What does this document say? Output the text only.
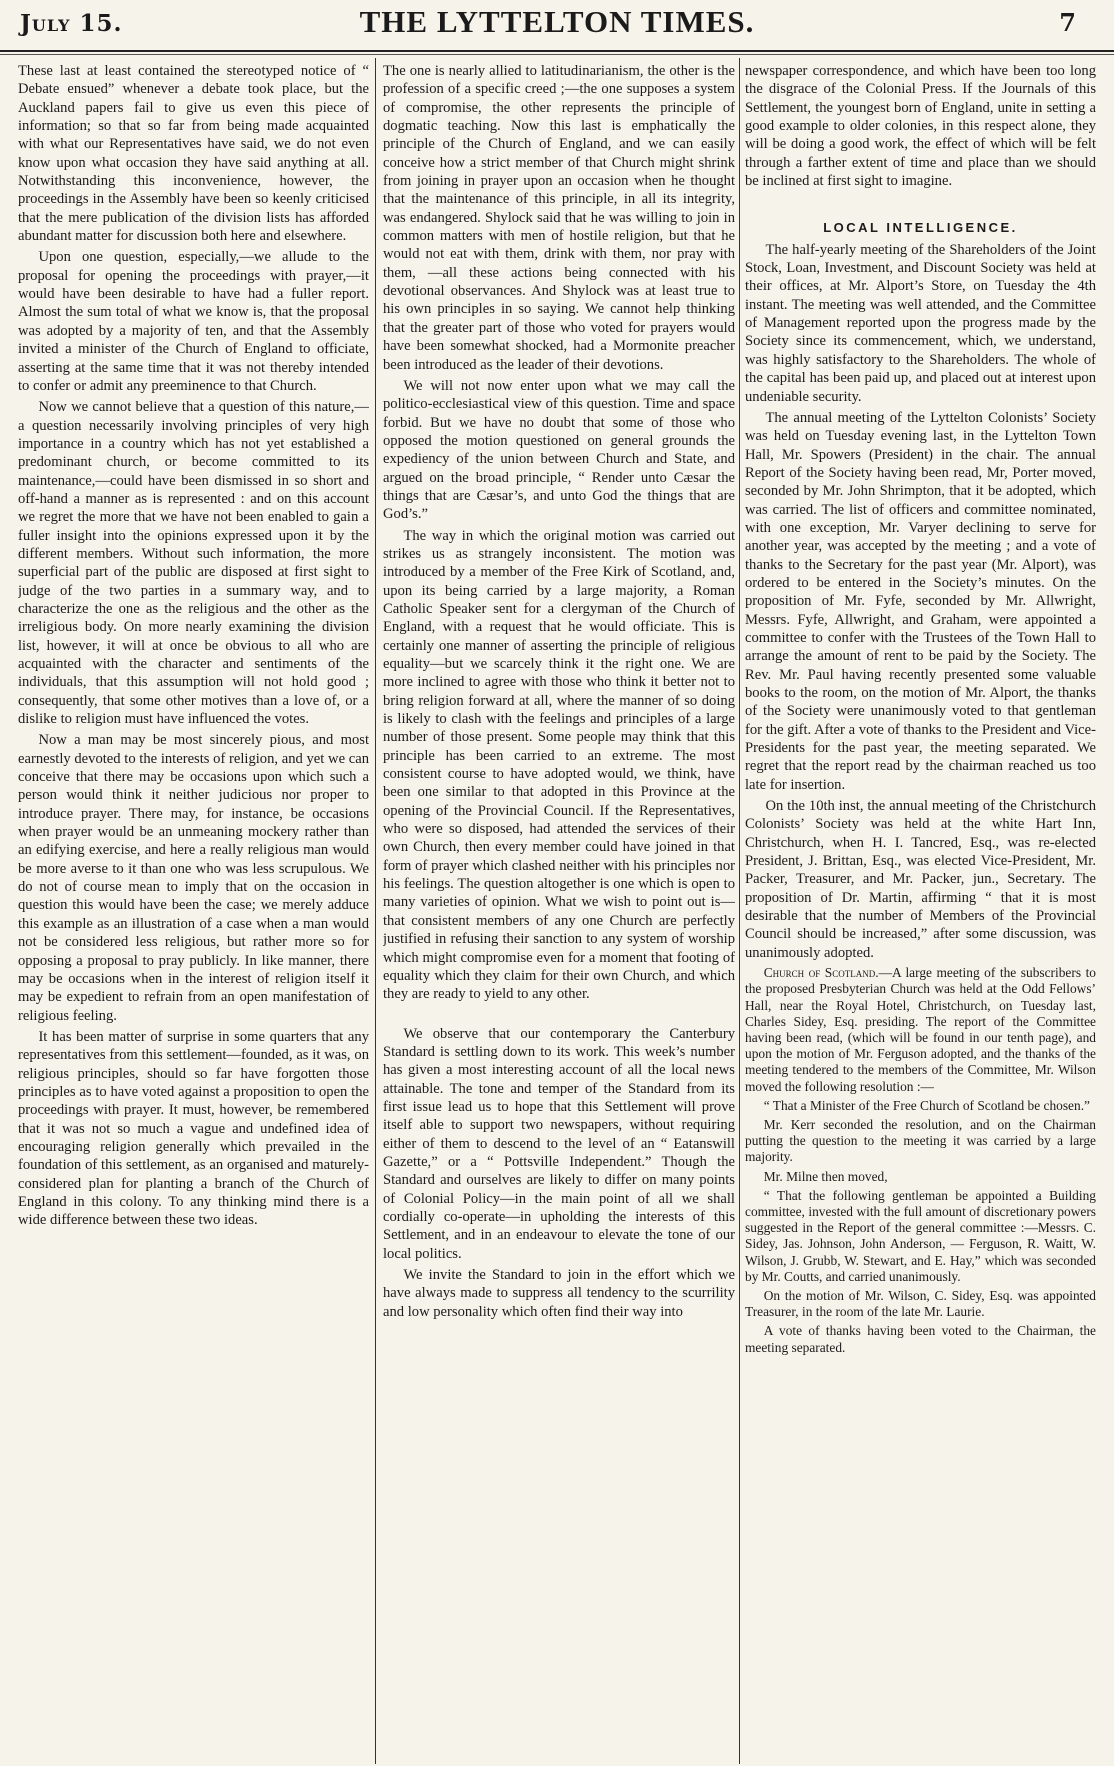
July 15.	THE LYTTELTON TIMES.	7

These last at least contained the stereotyped notice of “ Debate ensued” whenever a debate took place, but the Auckland papers fail to give us even this piece of information; so that so far from being made acquainted with what our Representatives have said, we do not even know upon what occasion they have said anything at all. Notwithstanding this inconvenience, however, the proceedings in the Assembly have been so keenly criticised that the mere publication of the division lists has afforded abundant matter for discussion both here and elsewhere.

Upon one question, especially,—we allude to the proposal for opening the proceedings with prayer,—it would have been desirable to have had a fuller report. Almost the sum total of what we know is, that the proposal was adopted by a majority of ten, and that the Assembly invited a minister of the Church of England to officiate, asserting at the same time that it was not thereby intended to confer or admit any preeminence to that Church.

Now we cannot believe that a question of this nature,—a question necessarily involving principles of very high importance in a country which has not yet established a predominant church, or become committed to its maintenance,—could have been dismissed in so short and off-hand a manner as is represented : and on this account we regret the more that we have not been enabled to gain a fuller insight into the opinions expressed upon it by the different members. Without such information, the more superficial part of the public are disposed at first sight to judge of the two parties in a summary way, and to characterize the one as the religious and the other as the irreligious body. On more nearly examining the division list, however, it will at once be obvious to all who are acquainted with the character and sentiments of the individuals, that this assumption will not hold good ; consequently, that some other motives than a love of, or a dislike to religion must have influenced the votes.

Now a man may be most sincerely pious, and most earnestly devoted to the interests of religion, and yet we can conceive that there may be occasions upon which such a person would think it neither judicious nor proper to introduce prayer. There may, for instance, be occasions when prayer would be an unmeaning mockery rather than an edifying exercise, and here a really religious man would be more averse to it than one who was less scrupulous. We do not of course mean to imply that on the occasion in question this would have been the case; we merely adduce this example as an illustration of a case when a man would not be considered less religious, but rather more so for opposing a proposal to pray publicly. In like manner, there may be occasions when in the interest of religion itself it may be expedient to refrain from an open manifestation of religious feeling.

It has been matter of surprise in some quarters that any representatives from this settlement—founded, as it was, on religious principles, should so far have forgotten those principles as to have voted against a proposition to open the proceedings with prayer. It must, however, be remembered that it was not so much a vague and undefined idea of encouraging religion generally which prevailed in the foundation of this settlement, as an organised and maturely-considered plan for planting a branch of the Church of England in this colony. To any thinking mind there is a wide difference between these two ideas.

The one is nearly allied to latitudinarianism, the other is the profession of a specific creed ;—the one supposes a system of compromise, the other represents the principle of dogmatic teaching. Now this last is emphatically the principle of the Church of England, and we can easily conceive how a strict member of that Church might shrink from joining in prayer upon an occasion when he thought that the maintenance of this principle, in all its integrity, was endangered. Shylock said that he was willing to join in common matters with men of hostile religion, but that he would not eat with them, drink with them, nor pray with them, —all these actions being connected with his devotional observances. And Shylock was at least true to his own principles in so saying. We cannot help thinking that the greater part of those who voted for prayers would have been somewhat shocked, had a Mormonite preacher been introduced as the leader of their devotions.

We will not now enter upon what we may call the politico-ecclesiastical view of this question. Time and space forbid. But we have no doubt that some of those who opposed the motion questioned on general grounds the expediency of the union between Church and State, and argued on the broad principle, “ Render unto Cæsar the things that are Cæsar’s, and unto God the things that are God’s.”

The way in which the original motion was carried out strikes us as strangely inconsistent. The motion was introduced by a member of the Free Kirk of Scotland, and, upon its being carried by a large majority, a Roman Catholic Speaker sent for a clergyman of the Church of England, with a request that he would officiate. This is certainly one manner of asserting the principle of religious equality—but we scarcely think it the right one. We are more inclined to agree with those who think it better not to bring religion forward at all, where the manner of so doing is likely to clash with the feelings and principles of a large number of those present. Some people may think that this principle has been carried to an extreme. The most consistent course to have adopted would, we think, have been one similar to that adopted in this Province at the opening of the Provincial Council. If the Representatives, who were so disposed, had attended the services of their own Church, then every member could have joined in that form of prayer which clashed neither with his principles nor his feelings. The question altogether is one which is open to many varieties of opinion. What we wish to point out is—that consistent members of any one Church are perfectly justified in refusing their sanction to any system of worship which might compromise even for a moment that footing of equality which they claim for their own Church, and which they are ready to yield to any other.

We observe that our contemporary the Canterbury Standard is settling down to its work. This week’s number has given a most interesting account of all the local news attainable. The tone and temper of the Standard from its first issue lead us to hope that this Settlement will prove itself able to support two newspapers, without requiring either of them to descend to the level of an “ Eatanswill Gazette,” or a “ Pottsville Independent.” Though the Standard and ourselves are likely to differ on many points of Colonial Policy—in the main point of all we shall cordially co-operate—in upholding the interests of this Settlement, and in an endeavour to elevate the tone of our local politics.

We invite the Standard to join in the effort which we have always made to suppress all tendency to the scurrility and low personality which often find their way into

newspaper correspondence, and which have been too long the disgrace of the Colonial Press. If the Journals of this Settlement, the youngest born of England, unite in setting a good example to older colonies, in this respect alone, they will be doing a good work, the effect of which will be felt through a farther extent of time and place than we should be inclined at first sight to imagine.

LOCAL INTELLIGENCE.

The half-yearly meeting of the Shareholders of the Joint Stock, Loan, Investment, and Discount Society was held at their offices, at Mr. Alport’s Store, on Tuesday the 4th instant. The meeting was well attended, and the Committee of Management reported upon the progress made by the Society since its commencement, which, we understand, was highly satisfactory to the Shareholders. The whole of the capital has been paid up, and placed out at interest upon undeniable security.

The annual meeting of the Lyttelton Colonists’ Society was held on Tuesday evening last, in the Lyttelton Town Hall, Mr. Spowers (President) in the chair. The annual Report of the Society having been read, Mr, Porter moved, seconded by Mr. John Shrimpton, that it be adopted, which was carried. The list of officers and committee nominated, with one exception, Mr. Varyer declining to serve for another year, was accepted by the meeting ; and a vote of thanks to the Secretary for the past year (Mr. Alport), was ordered to be entered in the Society’s minutes. On the proposition of Mr. Fyfe, seconded by Mr. Allwright, Messrs. Fyfe, Allwright, and Graham, were appointed a committee to confer with the Trustees of the Town Hall to arrange the amount of rent to be paid by the Society. The Rev. Mr. Paul having recently presented some valuable books to the room, on the motion of Mr. Alport, the thanks of the Society were unanimously voted to that gentleman for the gift. After a vote of thanks to the President and Vice-Presidents for the past year, the meeting separated. We regret that the report read by the chairman reached us too late for insertion.

On the 10th inst, the annual meeting of the Christchurch Colonists’ Society was held at the white Hart Inn, Christchurch, when H. I. Tancred, Esq., was re-elected President, J. Brittan, Esq., was elected Vice-President, Mr. Packer, Treasurer, and Mr. Packer, jun., Secretary. The proposition of Dr. Martin, affirming “ that it is most desirable that the number of Members of the Provincial Council should be increased,” after some discussion, was unanimously adopted.

Church of Scotland.—A large meeting of the subscribers to the proposed Presbyterian Church was held at the Odd Fellows’ Hall, near the Royal Hotel, Christchurch, on Tuesday last, Charles Sidey, Esq. presiding. The report of the Committee having been read, (which will be found in our tenth page), and upon the motion of Mr. Ferguson adopted, and the thanks of the meeting tendered to the members of the Committee, Mr. Wilson moved the following resolution :—

“ That a Minister of the Free Church of Scotland be chosen.”

Mr. Kerr seconded the resolution, and on the Chairman putting the question to the meeting it was carried by a large majority.

Mr. Milne then moved,

“ That the following gentleman be appointed a Building committee, invested with the full amount of discretionary powers suggested in the Report of the general committee :—Messrs. C. Sidey, Jas. Johnson, John Anderson, — Ferguson, R. Waitt, W. Wilson, J. Grubb, W. Stewart, and E. Hay,” which was seconded by Mr. Coutts, and carried unanimously.

On the motion of Mr. Wilson, C. Sidey, Esq. was appointed Treasurer, in the room of the late Mr. Laurie.

A vote of thanks having been voted to the Chairman, the meeting separated.
